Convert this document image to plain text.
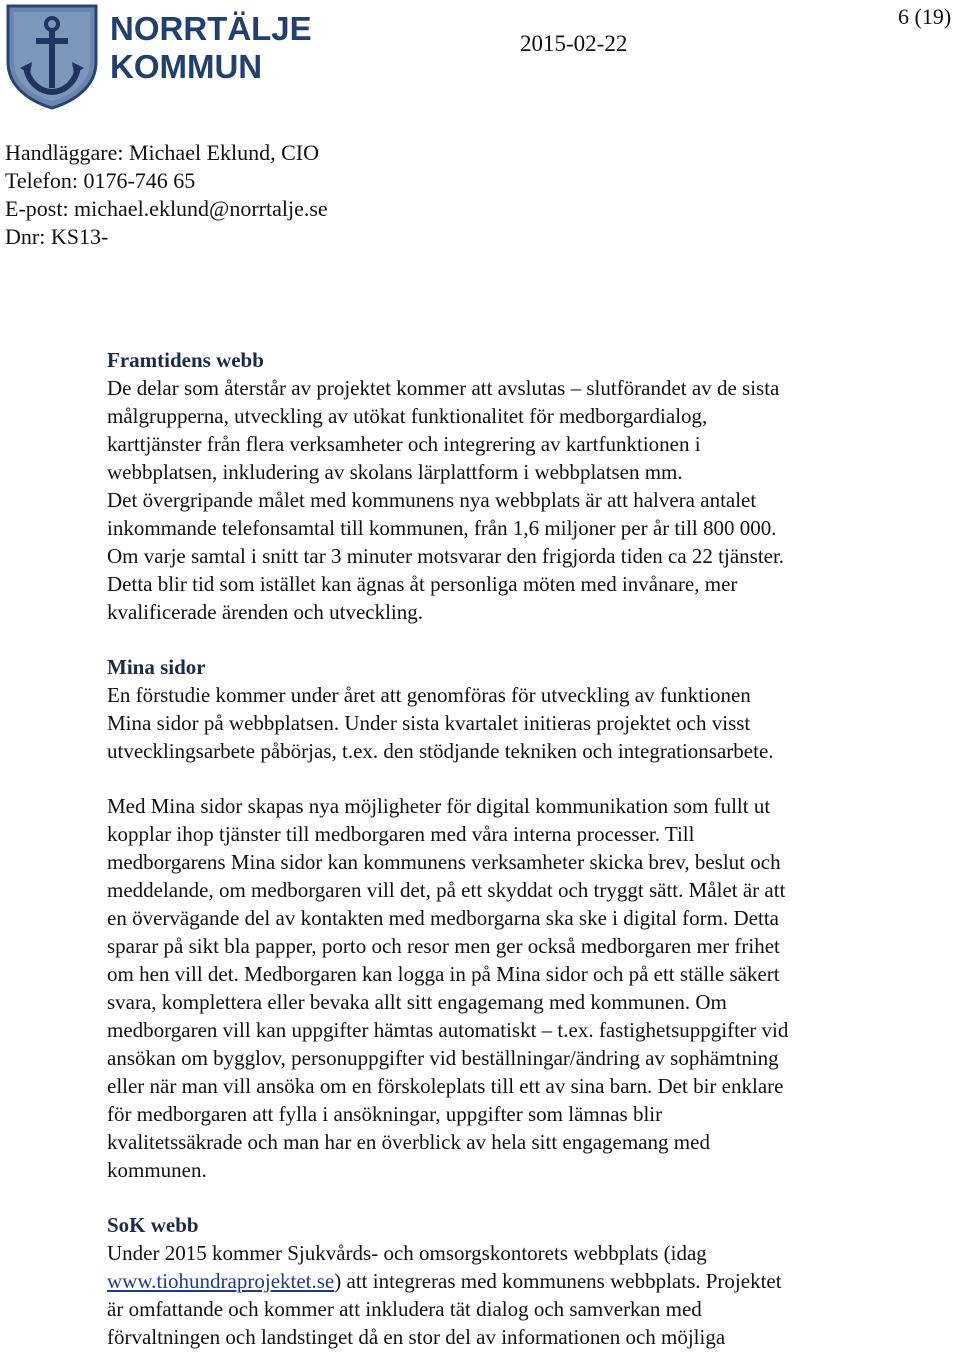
NORRTÄLJE
KOMMUN
2015-02-22
6 (19)
Handläggare: Michael Eklund, CIO
Telefon: 0176-746 65
E-post: michael.eklund@norrtalje.se
Dnr: KS13-
Framtidens webb
De delar som återstår av projektet kommer att avslutas – slutförandet av de sista
målgrupperna, utveckling av utökat funktionalitet för medborgardialog,
karttjänster från flera verksamheter och integrering av kartfunktionen i
webbplatsen, inkludering av skolans lärplattform i webbplatsen mm.
Det övergripande målet med kommunens nya webbplats är att halvera antalet
inkommande telefonsamtal till kommunen, från 1,6 miljoner per år till 800 000.
Om varje samtal i snitt tar 3 minuter motsvarar den frigjorda tiden ca 22 tjänster.
Detta blir tid som istället kan ägnas åt personliga möten med invånare, mer
kvalificerade ärenden och utveckling.
Mina sidor
En förstudie kommer under året att genomföras för utveckling av funktionen
Mina sidor på webbplatsen. Under sista kvartalet initieras projektet och visst
utvecklingsarbete påbörjas, t.ex. den stödjande tekniken och integrationsarbete.
Med Mina sidor skapas nya möjligheter för digital kommunikation som fullt ut
kopplar ihop tjänster till medborgaren med våra interna processer. Till
medborgarens Mina sidor kan kommunens verksamheter skicka brev, beslut och
meddelande, om medborgaren vill det, på ett skyddat och tryggt sätt. Målet är att
en övervägande del av kontakten med medborgarna ska ske i digital form. Detta
sparar på sikt bla papper, porto och resor men ger också medborgaren mer frihet
om hen vill det. Medborgaren kan logga in på Mina sidor och på ett ställe säkert
svara, komplettera eller bevaka allt sitt engagemang med kommunen. Om
medborgaren vill kan uppgifter hämtas automatiskt – t.ex. fastighetsuppgifter vid
ansökan om bygglov, personuppgifter vid beställningar/ändring av sophämtning
eller när man vill ansöka om en förskoleplats till ett av sina barn. Det bir enklare
för medborgaren att fylla i ansökningar, uppgifter som lämnas blir
kvalitetssäkrade och man har en överblick av hela sitt engagemang med
kommunen.
SoK webb
Under 2015 kommer Sjukvårds- och omsorgskontorets webbplats (idag
www.tiohundraprojektet.se) att integreras med kommunens webbplats. Projektet
är omfattande och kommer att inkludera tät dialog och samverkan med
förvaltningen och landstinget då en stor del av informationen och möjliga
